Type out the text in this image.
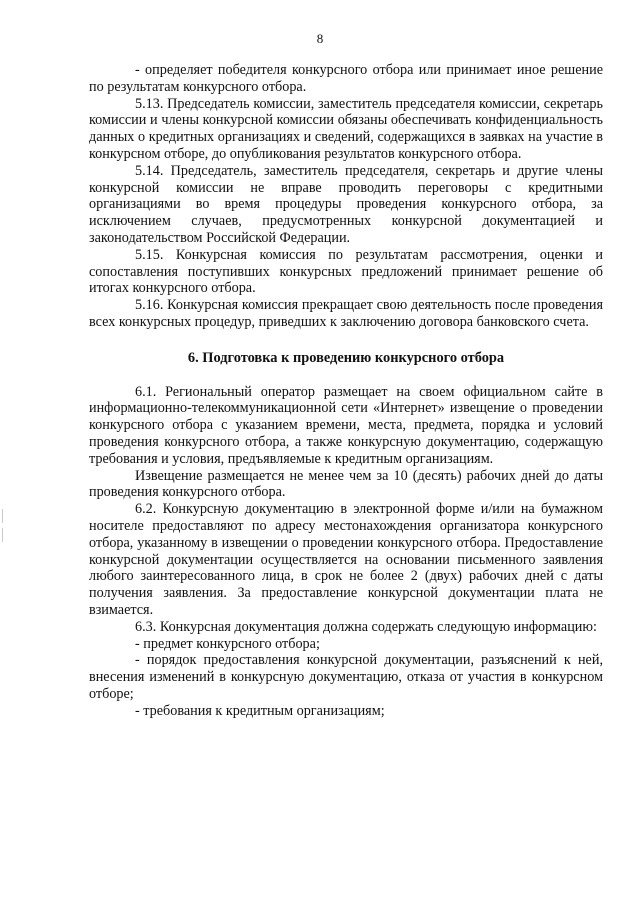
8

- определяет победителя конкурсного отбора или принимает иное решение по результатам конкурсного отбора.

5.13. Председатель комиссии, заместитель председателя комиссии, секретарь комиссии и члены конкурсной комиссии обязаны обеспечивать конфиденциальность данных о кредитных организациях и сведений, содержащихся в заявках на участие в конкурсном отборе, до опубликования результатов конкурсного отбора.

5.14. Председатель, заместитель председателя, секретарь и другие члены конкурсной комиссии не вправе проводить переговоры с кредитными организациями во время процедуры проведения конкурсного отбора, за исключением случаев, предусмотренных конкурсной документацией и законодательством Российской Федерации.

5.15. Конкурсная комиссия по результатам рассмотрения, оценки и сопоставления поступивших конкурсных предложений принимает решение об итогах конкурсного отбора.

5.16. Конкурсная комиссия прекращает свою деятельность после проведения всех конкурсных процедур, приведших к заключению договора банковского счета.

6. Подготовка к проведению конкурсного отбора

6.1. Региональный оператор размещает на своем официальном сайте в информационно-телекоммуникационной сети «Интернет» извещение о проведении конкурсного отбора с указанием времени, места, предмета, порядка и условий проведения конкурсного отбора, а также конкурсную документацию, содержащую требования и условия, предъявляемые к кредитным организациям.

Извещение размещается не менее чем за 10 (десять) рабочих дней до даты проведения конкурсного отбора.

6.2. Конкурсную документацию в электронной форме и/или на бумажном носителе предоставляют по адресу местонахождения организатора конкурсного отбора, указанному в извещении о проведении конкурсного отбора. Предоставление конкурсной документации осуществляется на основании письменного заявления любого заинтересованного лица, в срок не более 2 (двух) рабочих дней с даты получения заявления. За предоставление конкурсной документации плата не взимается.

6.3. Конкурсная документация должна содержать следующую информацию:

- предмет конкурсного отбора;

- порядок предоставления конкурсной документации, разъяснений к ней, внесения изменений в конкурсную документацию, отказа от участия в конкурсном отборе;

- требования к кредитным организациям;
